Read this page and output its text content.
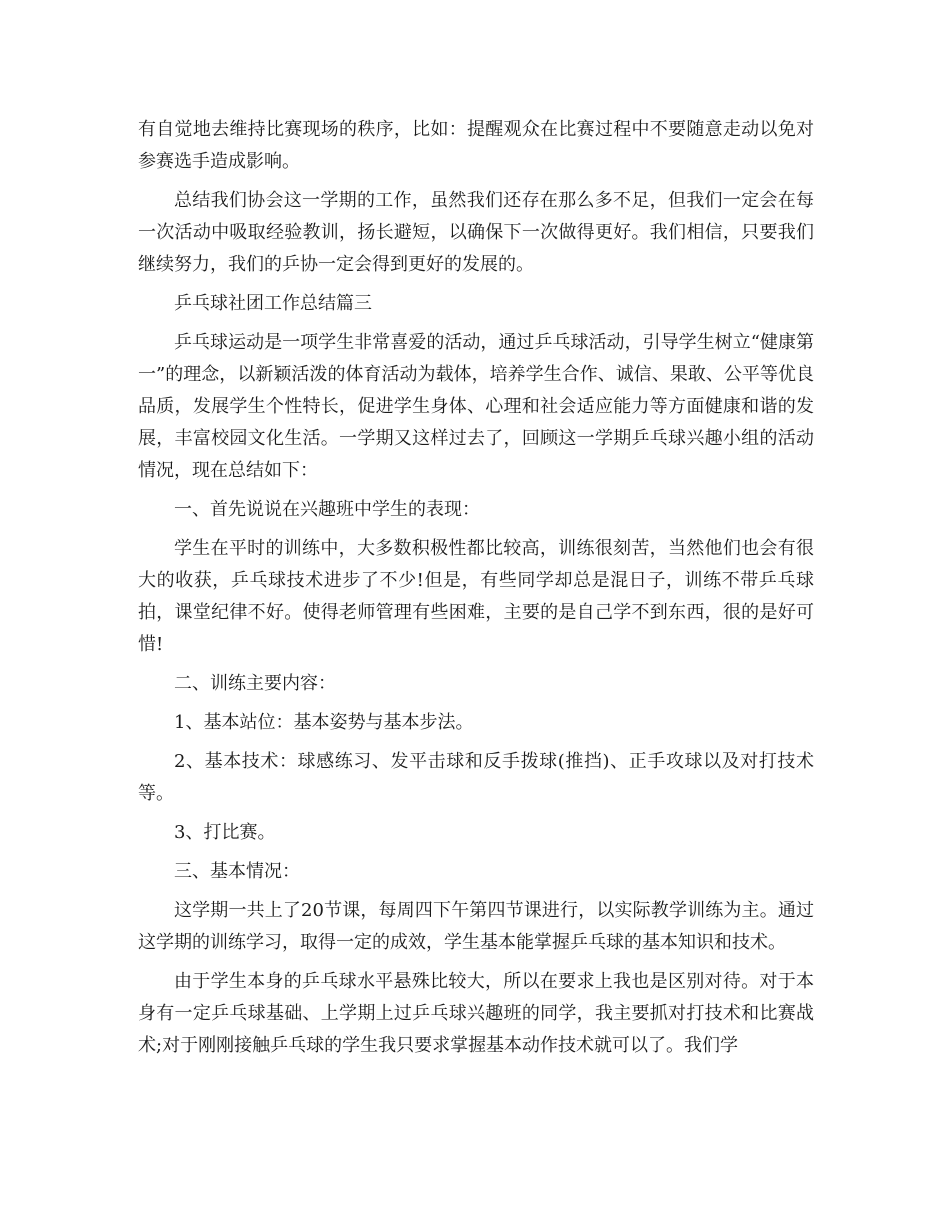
有自觉地去维持比赛现场的秩序，比如：提醒观众在比赛过程中不要随意走动以免对参赛选手造成影响。

总结我们协会这一学期的工作，虽然我们还存在那么多不足，但我们一定会在每一次活动中吸取经验教训，扬长避短，以确保下一次做得更好。我们相信，只要我们继续努力，我们的乒协一定会得到更好的发展的。

乒乓球社团工作总结篇三

乒乓球运动是一项学生非常喜爱的活动，通过乒乓球活动，引导学生树立“健康第一”的理念，以新颖活泼的体育活动为载体，培养学生合作、诚信、果敢、公平等优良品质，发展学生个性特长，促进学生身体、心理和社会适应能力等方面健康和谐的发展，丰富校园文化生活。一学期又这样过去了，回顾这一学期乒乓球兴趣小组的活动情况，现在总结如下：

一、首先说说在兴趣班中学生的表现：

学生在平时的训练中，大多数积极性都比较高，训练很刻苦，当然他们也会有很大的收获，乒乓球技术进步了不少!但是，有些同学却总是混日子，训练不带乒乓球拍，课堂纪律不好。使得老师管理有些困难，主要的是自己学不到东西，很的是好可惜!

二、训练主要内容：

1、基本站位：基本姿势与基本步法。

2、基本技术：球感练习、发平击球和反手拨球(推挡)、正手攻球以及对打技术等。

3、打比赛。

三、基本情况：

这学期一共上了20节课，每周四下午第四节课进行，以实际教学训练为主。通过这学期的训练学习，取得一定的成效，学生基本能掌握乒乓球的基本知识和技术。

由于学生本身的乒乓球水平悬殊比较大，所以在要求上我也是区别对待。对于本身有一定乒乓球基础、上学期上过乒乓球兴趣班的同学，我主要抓对打技术和比赛战术;对于刚刚接触乒乓球的学生我只要求掌握基本动作技术就可以了。我们学
